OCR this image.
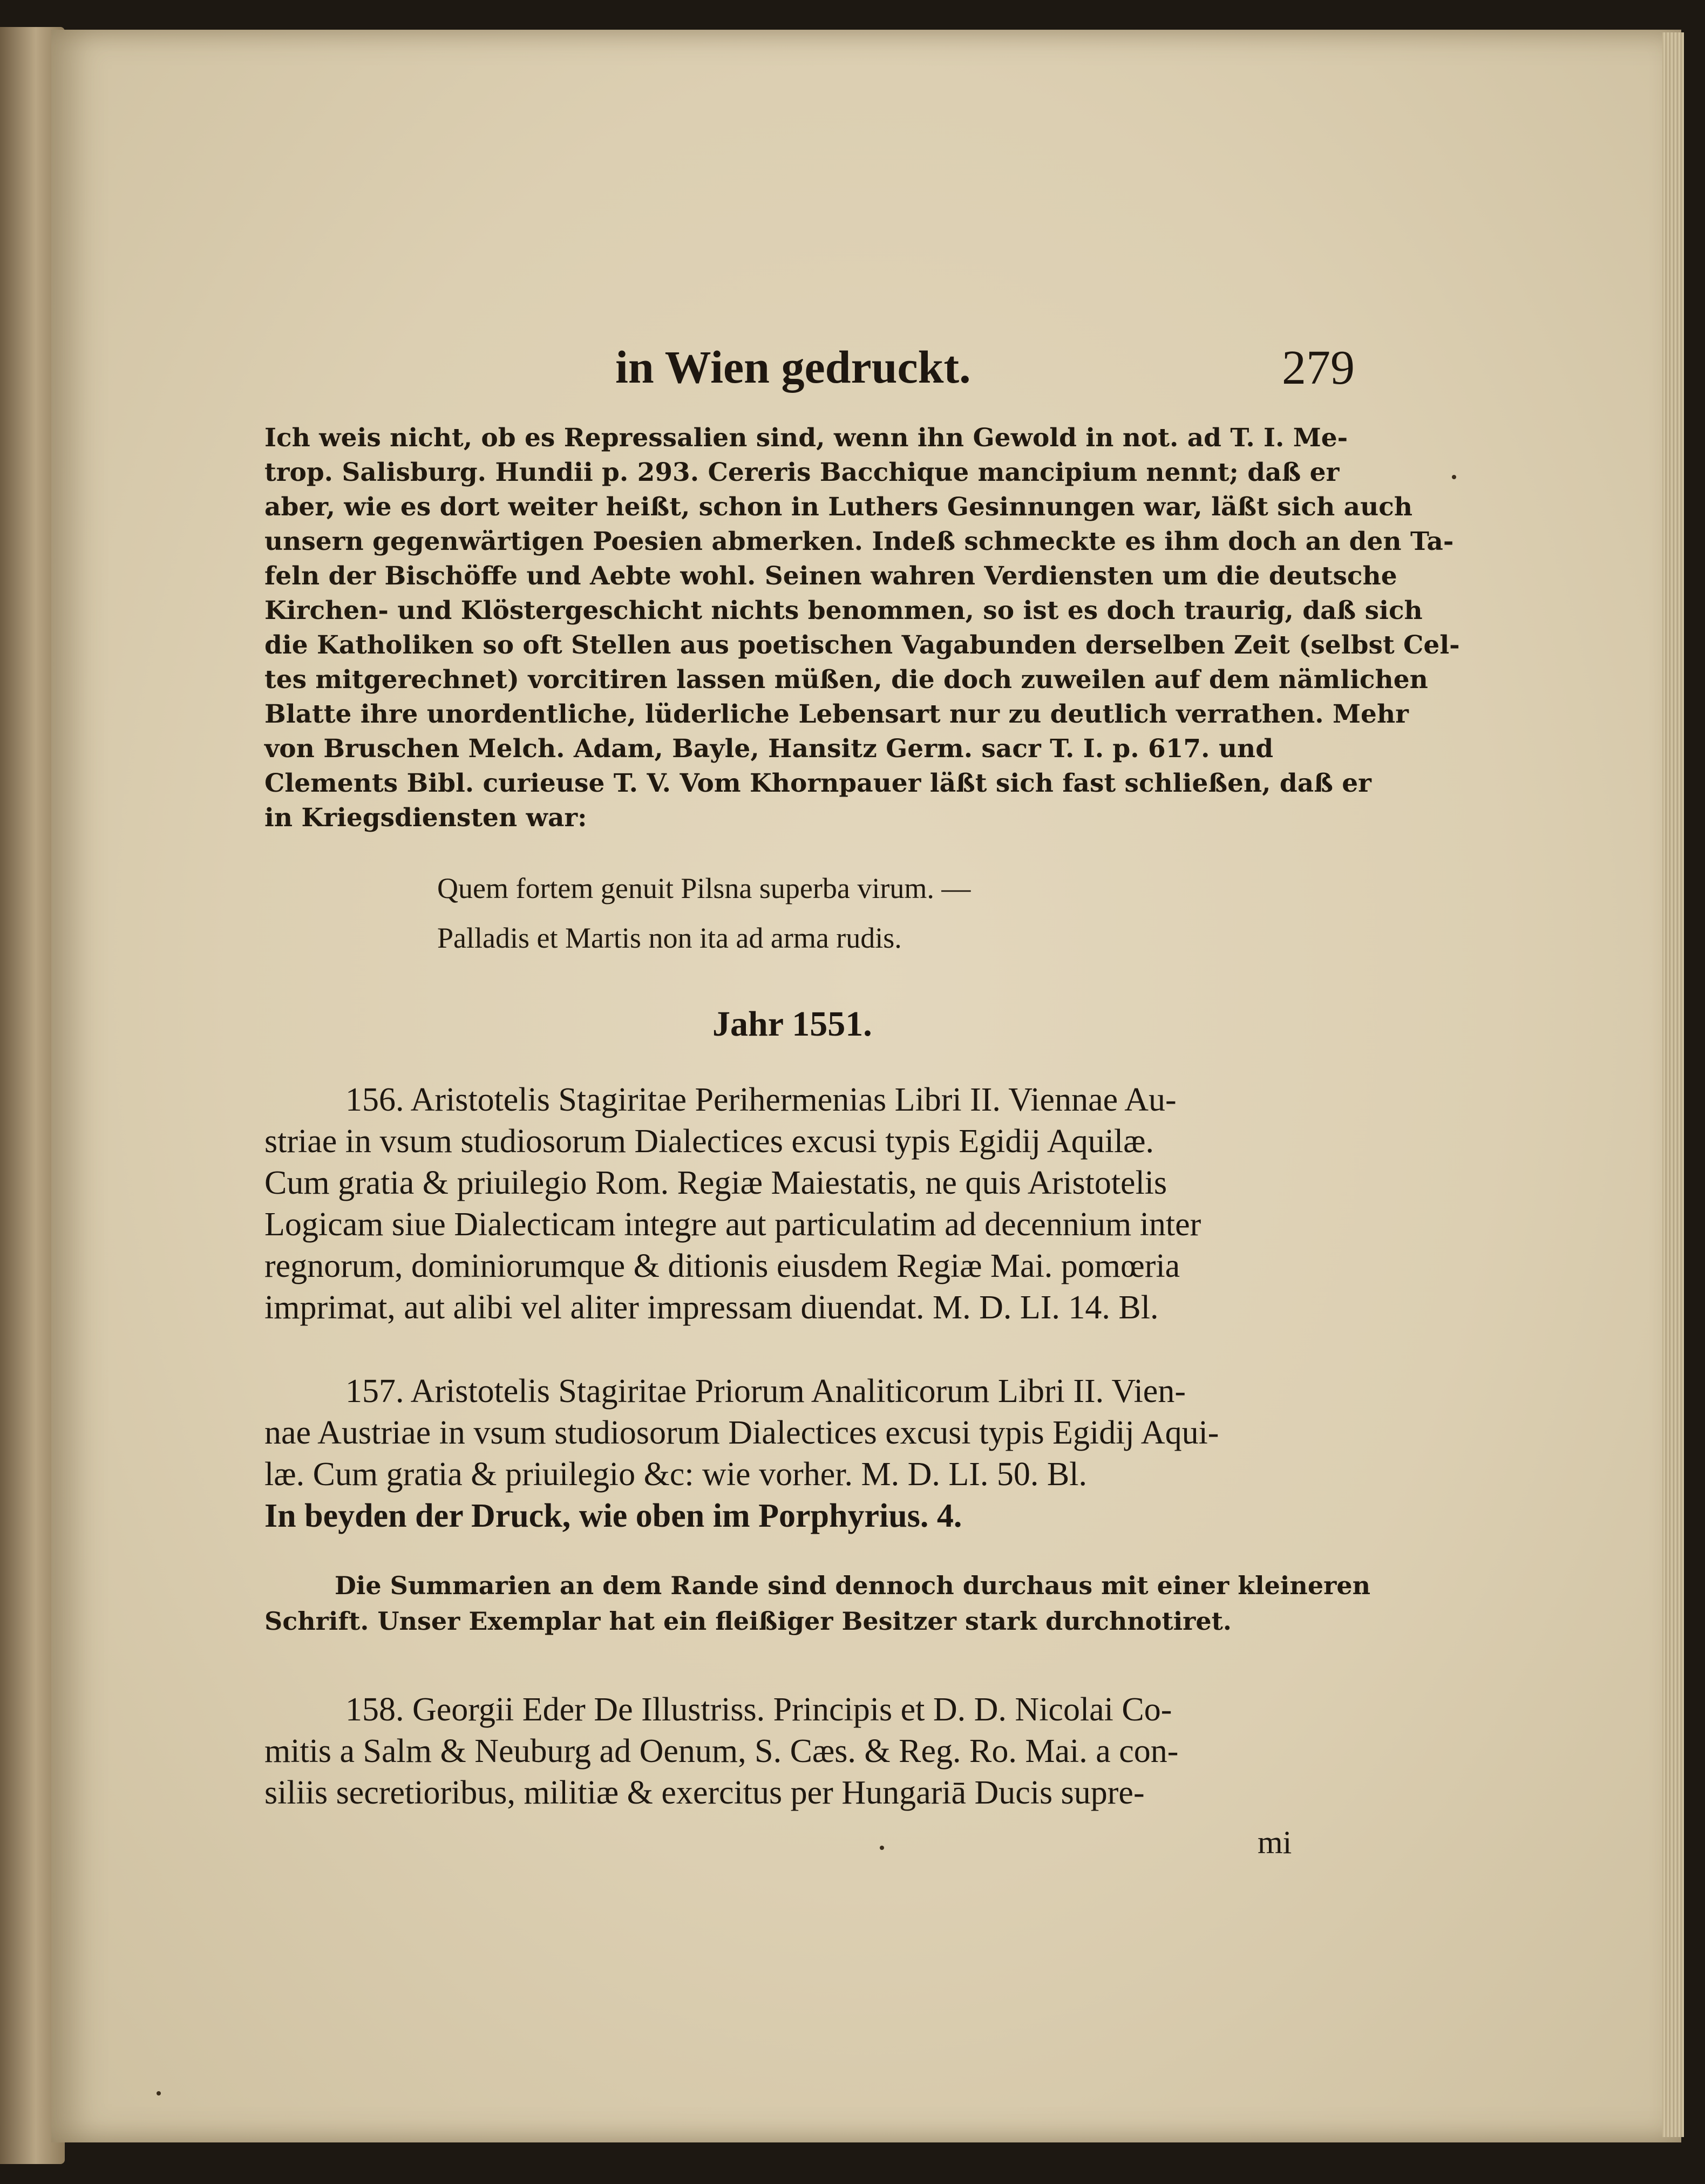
in Wien gedruckt.	279
Ich weis nicht, ob es Repressalien sind, wenn ihn Gewold in not. ad T. I. Me-
trop. Salisburg. Hundii p. 293. Cereris Bacchique mancipium nennt; daß er
aber, wie es dort weiter heißt, schon in Luthers Gesinnungen war, läßt sich auch
unsern gegenwärtigen Poesien abmerken. Indeß schmeckte es ihm doch an den Ta-
feln der Bischöffe und Aebte wohl. Seinen wahren Verdiensten um die deutsche
Kirchen- und Klöstergeschicht nichts benommen, so ist es doch traurig, daß sich
die Katholiken so oft Stellen aus poetischen Vagabunden derselben Zeit (selbst Cel-
tes mitgerechnet) vorcitiren lassen müßen, die doch zuweilen auf dem nämlichen
Blatte ihre unordentliche, lüderliche Lebensart nur zu deutlich verrathen. Mehr
von Bruschen Melch. Adam, Bayle, Hansitz Germ. sacr T. I. p. 617. und
Clements Bibl. curieuse T. V. Vom Khornpauer läßt sich fast schließen, daß er
in Kriegsdiensten war:
Quem fortem genuit Pilsna superba virum. —
Palladis et Martis non ita ad arma rudis.
Jahr 1551.
156. Aristotelis Stagiritae Perihermenias Libri II. Viennae Au-
striae in vsum studiosorum Dialectices excusi typis Egidij Aquilæ.
Cum gratia & priuilegio Rom. Regiæ Maiestatis, ne quis Aristotelis
Logicam siue Dialecticam integre aut particulatim ad decennium inter
regnorum, dominiorumque & ditionis eiusdem Regiæ Mai. pomœria
imprimat, aut alibi vel aliter impressam diuendat. M. D. LI. 14. Bl.
157. Aristotelis Stagiritae Priorum Analiticorum Libri II. Vien-
nae Austriae in vsum studiosorum Dialectices excusi typis Egidij Aqui-
læ. Cum gratia & priuilegio &c: wie vorher. M. D. LI. 50. Bl.
In beyden der Druck, wie oben im Porphyrius. 4.
Die Summarien an dem Rande sind dennoch durchaus mit einer kleineren
Schrift. Unser Exemplar hat ein fleißiger Besitzer stark durchnotiret.
158. Georgii Eder De Illustriss. Principis et D. D. Nicolai Co-
mitis a Salm & Neuburg ad Oenum, S. Cæs. & Reg. Ro. Mai. a con-
siliis secretioribus, militiæ & exercitus per Hungariā Ducis supre-
mi
